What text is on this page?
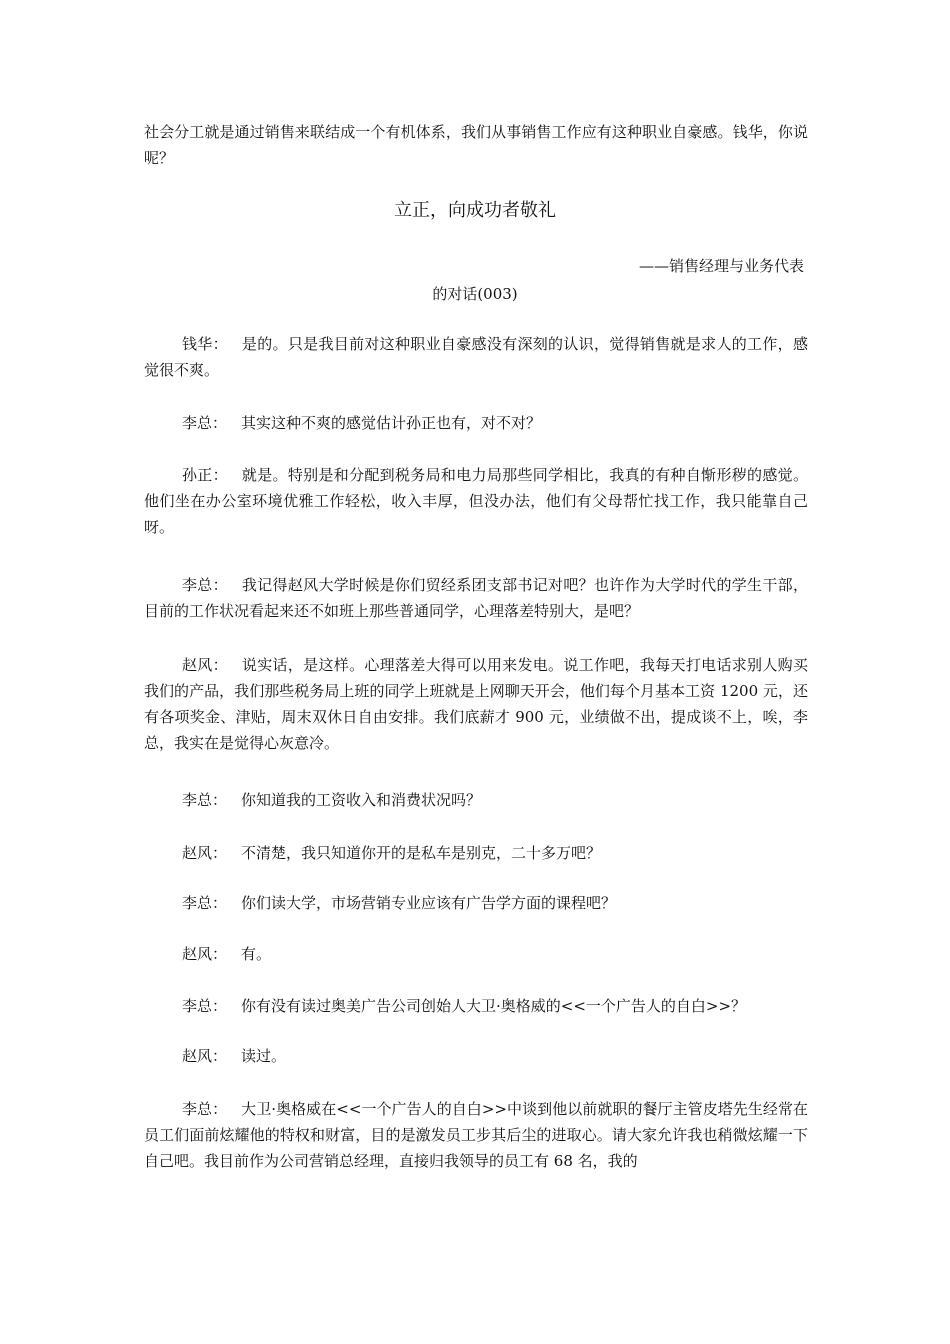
社会分工就是通过销售来联结成一个有机体系，我们从事销售工作应有这种职业自豪感。钱华，你说呢？

立正，向成功者敬礼

——销售经理与业务代表

的对话(003)

钱华： 是的。只是我目前对这种职业自豪感没有深刻的认识，觉得销售就是求人的工作，感觉很不爽。

李总： 其实这种不爽的感觉估计孙正也有，对不对？

孙正： 就是。特别是和分配到税务局和电力局那些同学相比，我真的有种自惭形秽的感觉。他们坐在办公室环境优雅工作轻松，收入丰厚，但没办法，他们有父母帮忙找工作，我只能靠自己呀。

李总： 我记得赵风大学时候是你们贸经系团支部书记对吧？也许作为大学时代的学生干部，目前的工作状况看起来还不如班上那些普通同学，心理落差特别大，是吧？

赵风： 说实话，是这样。心理落差大得可以用来发电。说工作吧，我每天打电话求别人购买我们的产品，我们那些税务局上班的同学上班就是上网聊天开会，他们每个月基本工资 1200 元，还有各项奖金、津贴，周末双休日自由安排。我们底薪才 900 元，业绩做不出，提成谈不上，唉，李总，我实在是觉得心灰意冷。

李总： 你知道我的工资收入和消费状况吗？

赵风： 不清楚，我只知道你开的是私车是别克，二十多万吧？

李总： 你们读大学，市场营销专业应该有广告学方面的课程吧？

赵风： 有。

李总： 你有没有读过奥美广告公司创始人大卫·奥格威的<<一个广告人的自白>>？

赵风： 读过。

李总： 大卫·奥格威在<<一个广告人的自白>>中谈到他以前就职的餐厅主管皮塔先生经常在员工们面前炫耀他的特权和财富，目的是激发员工步其后尘的进取心。请大家允许我也稍微炫耀一下自己吧。我目前作为公司营销总经理，直接归我领导的员工有 68 名，我的
